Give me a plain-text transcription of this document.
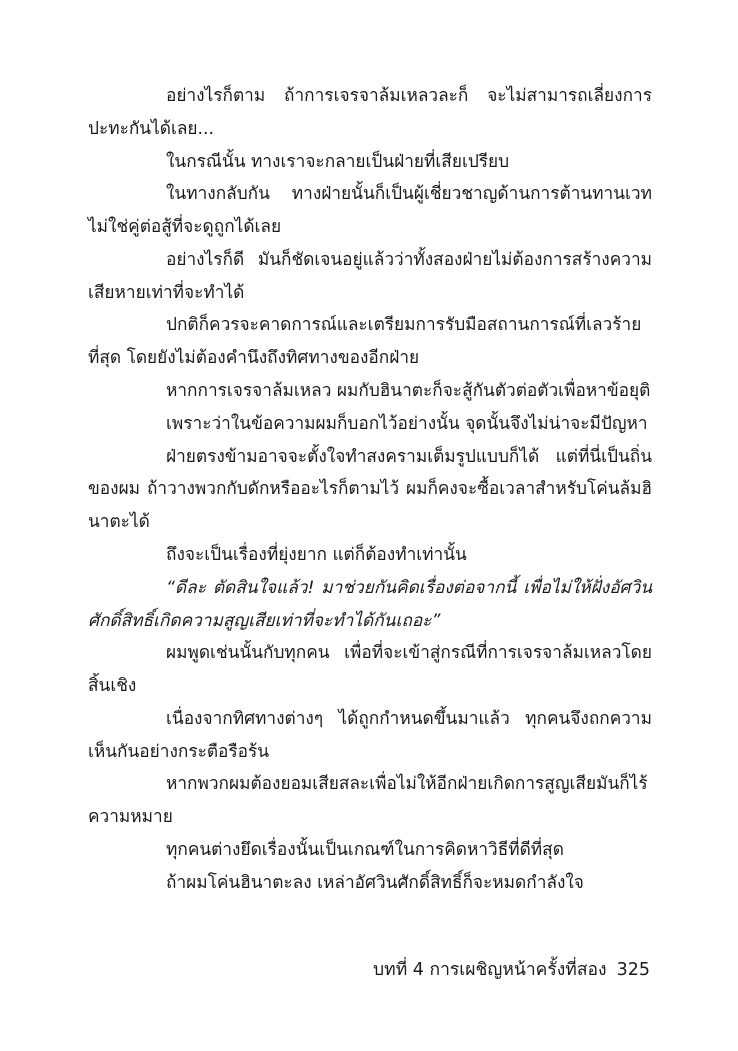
อย่างไรก็ตาม ถ้าการเจรจาล้มเหลวละก็ จะไม่สามารถเลี่ยงการปะทะกันได้เลย...

ในกรณีนั้น ทางเราจะกลายเป็นฝ่ายที่เสียเปรียบ

ในทางกลับกัน ทางฝ่ายนั้นก็เป็นผู้เชี่ยวชาญด้านการต้านทานเวทไม่ใช่คู่ต่อสู้ที่จะดูถูกได้เลย

อย่างไรก็ดี มันก็ชัดเจนอยู่แล้วว่าทั้งสองฝ่ายไม่ต้องการสร้างความเสียหายเท่าที่จะทำได้

ปกติก็ควรจะคาดการณ์และเตรียมการรับมือสถานการณ์ที่เลวร้ายที่สุด โดยยังไม่ต้องคำนึงถึงทิศทางของอีกฝ่าย

หากการเจรจาล้มเหลว ผมกับฮินาตะก็จะสู้กันตัวต่อตัวเพื่อหาข้อยุติ

เพราะว่าในข้อความผมก็บอกไว้อย่างนั้น จุดนั้นจึงไม่น่าจะมีปัญหา

ฝ่ายตรงข้ามอาจจะตั้งใจทำสงครามเต็มรูปแบบก็ได้ แต่ที่นี่เป็นถิ่นของผม ถ้าวางพวกกับดักหรืออะไรก็ตามไว้ ผมก็คงจะซื้อเวลาสำหรับโค่นล้มฮินาตะได้

ถึงจะเป็นเรื่องที่ยุ่งยาก แต่ก็ต้องทำเท่านั้น

“ดีละ ตัดสินใจแล้ว! มาช่วยกันคิดเรื่องต่อจากนี้ เพื่อไม่ให้ฝั่งอัศวินศักดิ์สิทธิ์เกิดความสูญเสียเท่าที่จะทำได้กันเถอะ”

ผมพูดเช่นนั้นกับทุกคน เพื่อที่จะเข้าสู่กรณีที่การเจรจาล้มเหลวโดยสิ้นเชิง

เนื่องจากทิศทางต่างๆ ได้ถูกกำหนดขึ้นมาแล้ว ทุกคนจึงถกความเห็นกันอย่างกระตือรือร้น

หากพวกผมต้องยอมเสียสละเพื่อไม่ให้อีกฝ่ายเกิดการสูญเสียมันก็ไร้ความหมาย

ทุกคนต่างยึดเรื่องนั้นเป็นเกณฑ์ในการคิดหาวิธีที่ดีที่สุด

ถ้าผมโค่นฮินาตะลง เหล่าอัศวินศักดิ์สิทธิ์ก็จะหมดกำลังใจ

บทที่ 4 การเผชิญหน้าครั้งที่สอง 325
